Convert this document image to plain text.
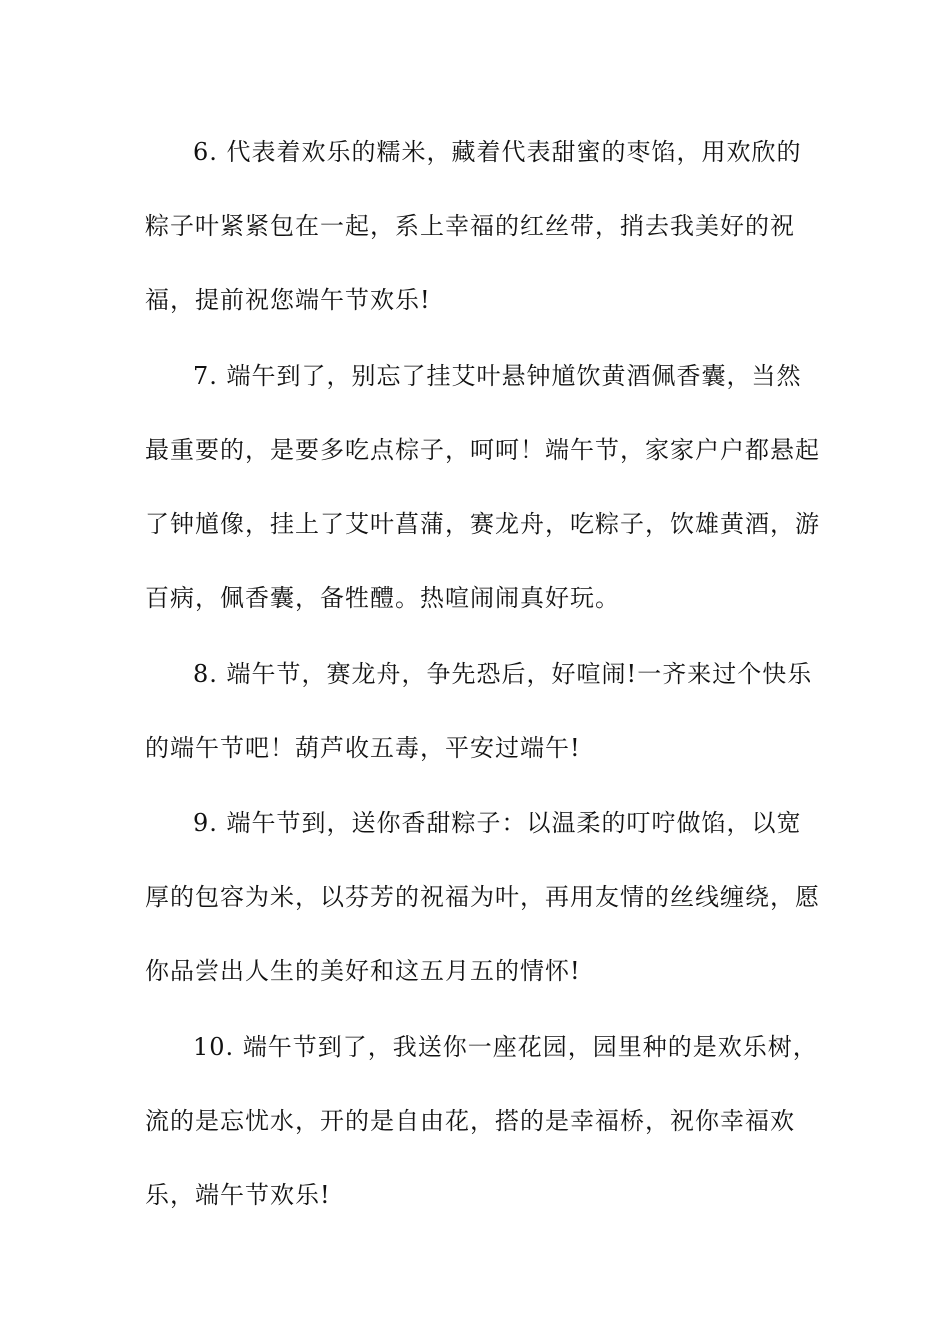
6. 代表着欢乐的糯米，藏着代表甜蜜的枣馅，用欢欣的粽子叶紧紧包在一起，系上幸福的红丝带，捎去我美好的祝福，提前祝您端午节欢乐!

7. 端午到了，别忘了挂艾叶悬钟馗饮黄酒佩香囊，当然最重要的，是要多吃点棕子，呵呵！端午节，家家户户都悬起了钟馗像，挂上了艾叶菖蒲，赛龙舟，吃粽子，饮雄黄酒，游百病，佩香囊，备牲醴。热喧闹闹真好玩。

8. 端午节，赛龙舟，争先恐后，好喧闹!一齐来过个快乐的端午节吧！葫芦收五毒，平安过端午!

9. 端午节到，送你香甜粽子：以温柔的叮咛做馅，以宽厚的包容为米，以芬芳的祝福为叶，再用友情的丝线缠绕，愿你品尝出人生的美好和这五月五的情怀!

10. 端午节到了，我送你一座花园，园里种的是欢乐树，流的是忘忧水，开的是自由花，搭的是幸福桥，祝你幸福欢乐，端午节欢乐!
